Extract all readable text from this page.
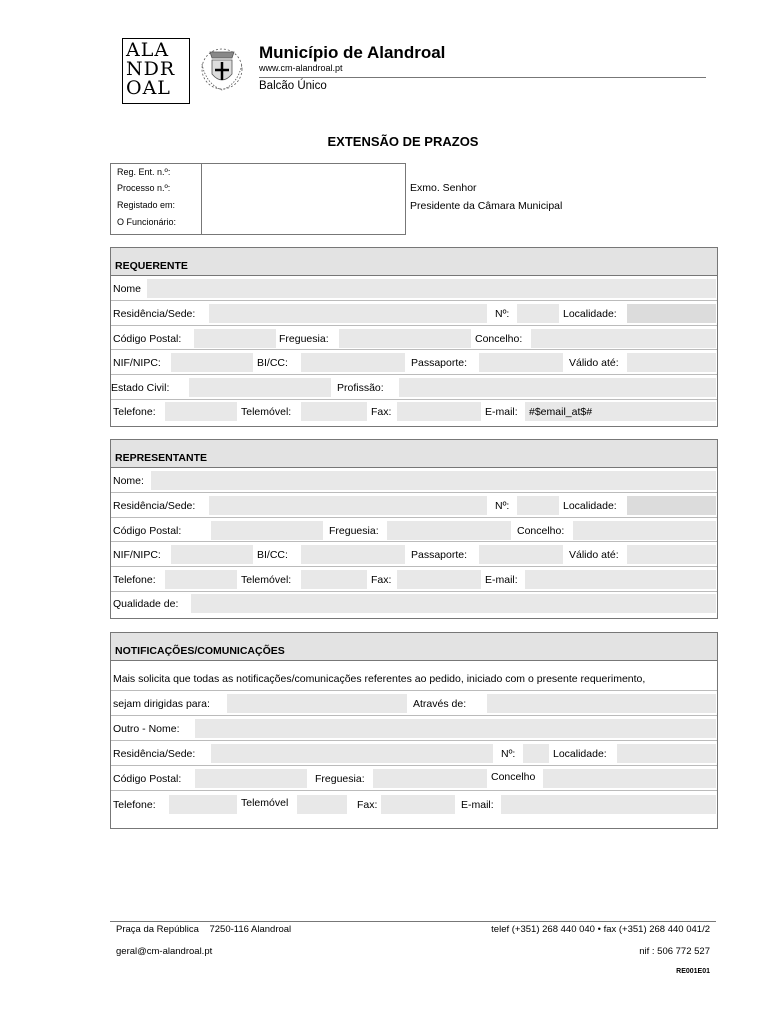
ALANDROAL
Município de Alandroal
www.cm-alandroal.pt
Balcão Único
EXTENSÃO DE PRAZOS
Reg. Ent. n.º:
Processo n.º:
Registado em:
O Funcionário:
Exmo. Senhor
Presidente da Câmara Municipal
REQUERENTE
Nome
Residência/Sede:	Nº:	Localidade:
Código Postal:	Freguesia:	Concelho:
NIF/NIPC:	BI/CC:	Passaporte:	Válido até:
Estado Civil:	Profissão:
Telefone:	Telemóvel:	Fax:	E-mail: #$email_at$#
REPRESENTANTE
Nome:
Residência/Sede:	Nº:	Localidade:
Código Postal:	Freguesia:	Concelho:
NIF/NIPC:	BI/CC:	Passaporte:	Válido até:
Telefone:	Telemóvel:	Fax:	E-mail:
Qualidade de:
NOTIFICAÇÕES/COMUNICAÇÕES
Mais solicita que todas as notificações/comunicações referentes ao pedido, iniciado com o presente requerimento,
sejam dirigidas para:	Através de:
Outro - Nome:
Residência/Sede:	Nº:	Localidade:
Código Postal:	Freguesia:	Concelho
Telefone:	Telemóvel	Fax:	E-mail:
Praça da República    7250-116 Alandroal	telef (+351) 268 440 040 • fax (+351) 268 440 041/2
geral@cm-alandroal.pt	nif : 506 772 527
RE001E01
